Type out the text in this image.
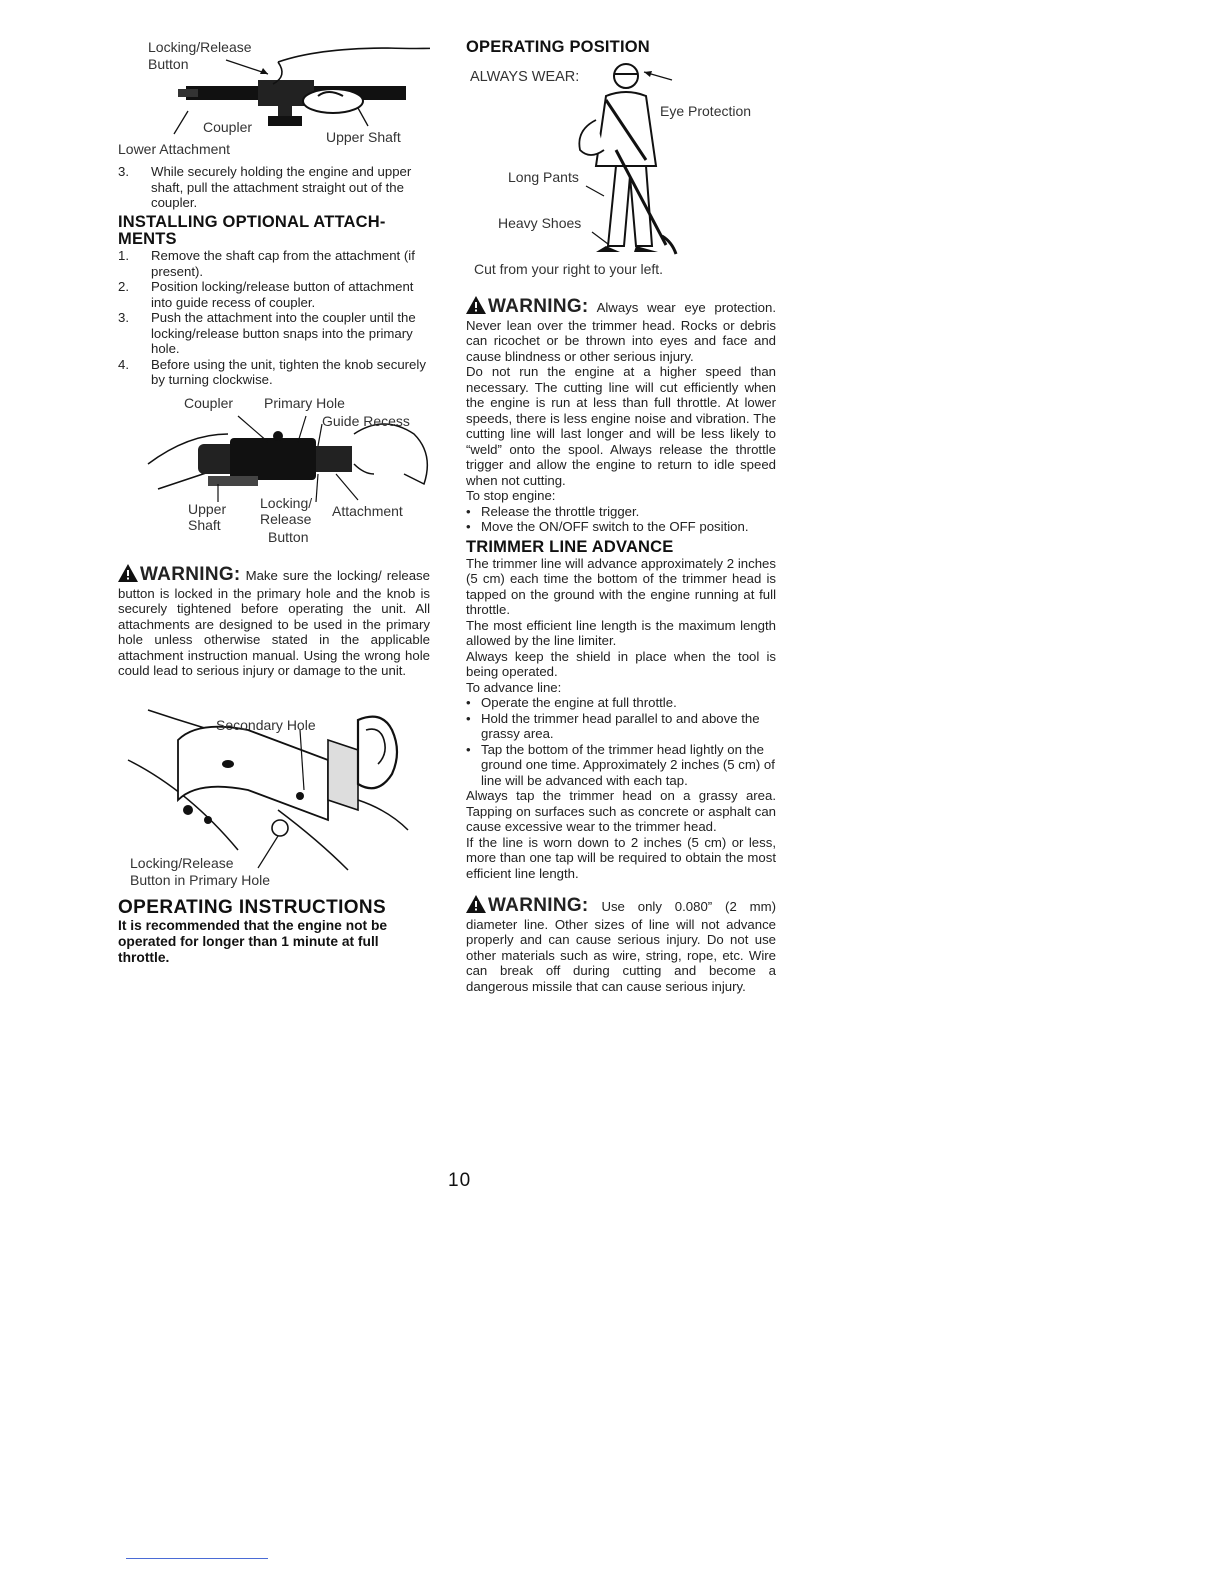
Locking/Release
Button
Coupler
Upper Shaft
Lower Attachment
3. While securely holding the engine and upper shaft, pull the attachment straight out of the coupler.

INSTALLING OPTIONAL ATTACH-

MENTS

1. Remove the shaft cap from the attachment (if present).
2. Position locking/release button of attachment into guide recess of coupler.
3. Push the attachment into the coupler until the locking/release button snaps into the primary hole.
4. Before using the unit, tighten the knob securely by turning clockwise.
Coupler Primary Hole
Guide Recess
Upper
Shaft
Locking/
Release
Button
Attachment
WARNING: Make sure the locking/ release button is locked in the primary hole and the knob is securely tightened before operating the unit. All attachments are designed to be used in the primary hole unless otherwise stated in the applicable attachment instruction manual. Using the wrong hole could lead to serious injury or damage to the unit.
Secondary Hole
Locking/Release
Button in Primary Hole
OPERATING INSTRUCTIONS
It is recommended that the engine not be operated for longer than 1 minute at full throttle.

OPERATING POSITION

ALWAYS WEAR:
Eye Protection
Long Pants
Heavy Shoes
Cut from your right to your left.
WARNING: Always wear eye protection. Never lean over the trimmer head. Rocks or debris can ricochet or be thrown into eyes and face and cause blindness or other serious injury.

Do not run the engine at a higher speed than necessary. The cutting line will cut efficiently when the engine is run at less than full throttle. At lower speeds, there is less engine noise and vibration. The cutting line will last longer and will be less likely to “weld” onto the spool. Always release the throttle trigger and allow the engine to return to idle speed when not cutting.

To stop engine:

• Release the throttle trigger.
• Move the ON/OFF switch to the OFF position.

TRIMMER LINE ADVANCE

The trimmer line will advance approximately 2 inches (5 cm) each time the bottom of the trimmer head is tapped on the ground with the engine running at full throttle.

The most efficient line length is the maximum length allowed by the line limiter.

Always keep the shield in place when the tool is being operated.

To advance line:

• Operate the engine at full throttle.
• Hold the trimmer head parallel to and above the grassy area.
• Tap the bottom of the trimmer head lightly on the ground one time. Approximately 2 inches (5 cm) of line will be advanced with each tap.

Always tap the trimmer head on a grassy area. Tapping on surfaces such as concrete or asphalt can cause excessive wear to the trimmer head.

If the line is worn down to 2 inches (5 cm) or less, more than one tap will be required to obtain the most efficient line length.

WARNING: Use only 0.080” (2 mm) diameter line. Other sizes of line will not advance properly and can cause serious injury. Do not use other materials such as wire, string, rope, etc. Wire can break off during cutting and become a dangerous missile that can cause serious injury.
10
